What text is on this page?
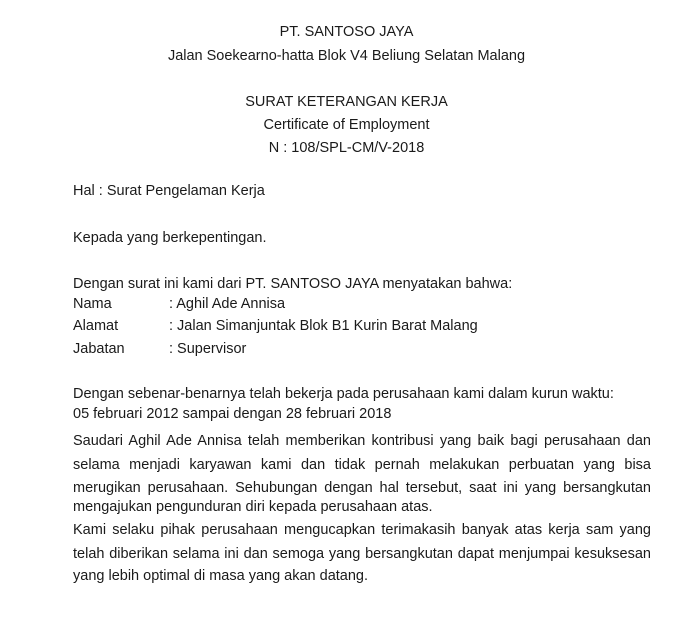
PT. SANTOSO JAYA
Jalan Soekearno-hatta Blok V4 Beliung Selatan Malang
SURAT KETERANGAN KERJA
Certificate of Employment
N : 108/SPL-CM/V-2018
Hal : Surat Pengelaman Kerja
Kepada yang berkepentingan.
Dengan surat ini kami dari PT. SANTOSO JAYA menyatakan bahwa:
Nama	: Aghil Ade Annisa
Alamat	: Jalan Simanjuntak Blok B1 Kurin Barat Malang
Jabatan	: Supervisor
Dengan sebenar-benarnya telah bekerja pada perusahaan kami dalam kurun waktu:
05 februari 2012 sampai dengan 28 februari 2018
Saudari Aghil Ade Annisa telah memberikan kontribusi yang baik bagi perusahaan dan
selama menjadi karyawan kami dan tidak pernah melakukan perbuatan yang bisa
merugikan perusahaan. Sehubungan dengan hal tersebut, saat ini yang bersangkutan
mengajukan pengunduran diri kepada perusahaan atas.
Kami selaku pihak perusahaan mengucapkan terimakasih banyak atas kerja sam yang
telah diberikan selama ini dan semoga yang bersangkutan dapat menjumpai kesuksesan
yang lebih optimal di masa yang akan datang.
